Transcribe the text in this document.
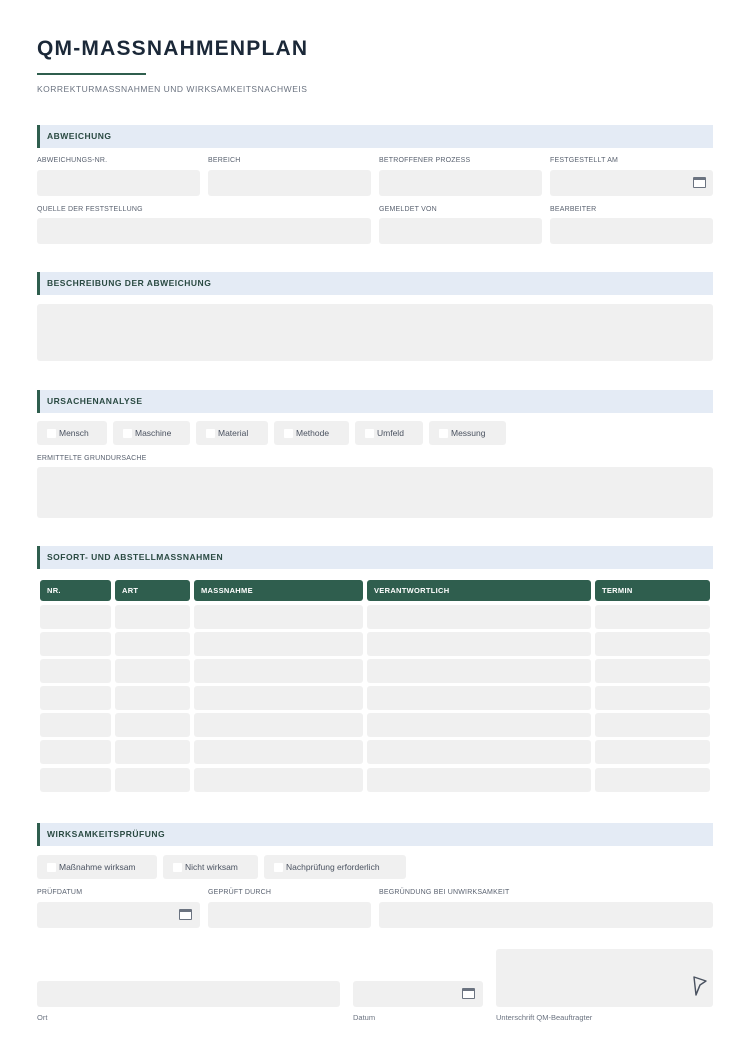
QM-MASSNAHMENPLAN
KORREKTURMASSNAHMEN UND WIRKSAMKEITSNACHWEIS
ABWEICHUNG
ABWEICHUNGS-NR.	BEREICH	BETROFFENER PROZESS	FESTGESTELLT AM
QUELLE DER FESTSTELLUNG	GEMELDET VON	BEARBEITER
BESCHREIBUNG DER ABWEICHUNG
URSACHENANALYSE
Mensch	Maschine	Material	Methode	Umfeld	Messung
ERMITTELTE GRUNDURSACHE
SOFORT- UND ABSTELLMASSNAHMEN
NR.	ART	MASSNAHME	VERANTWORTLICH	TERMIN
WIRKSAMKEITSPRÜFUNG
Maßnahme wirksam	Nicht wirksam	Nachprüfung erforderlich
PRÜFDATUM	GEPRÜFT DURCH	BEGRÜNDUNG BEI UNWIRKSAMKEIT
Ort	Datum	Unterschrift QM-Beauftragter
